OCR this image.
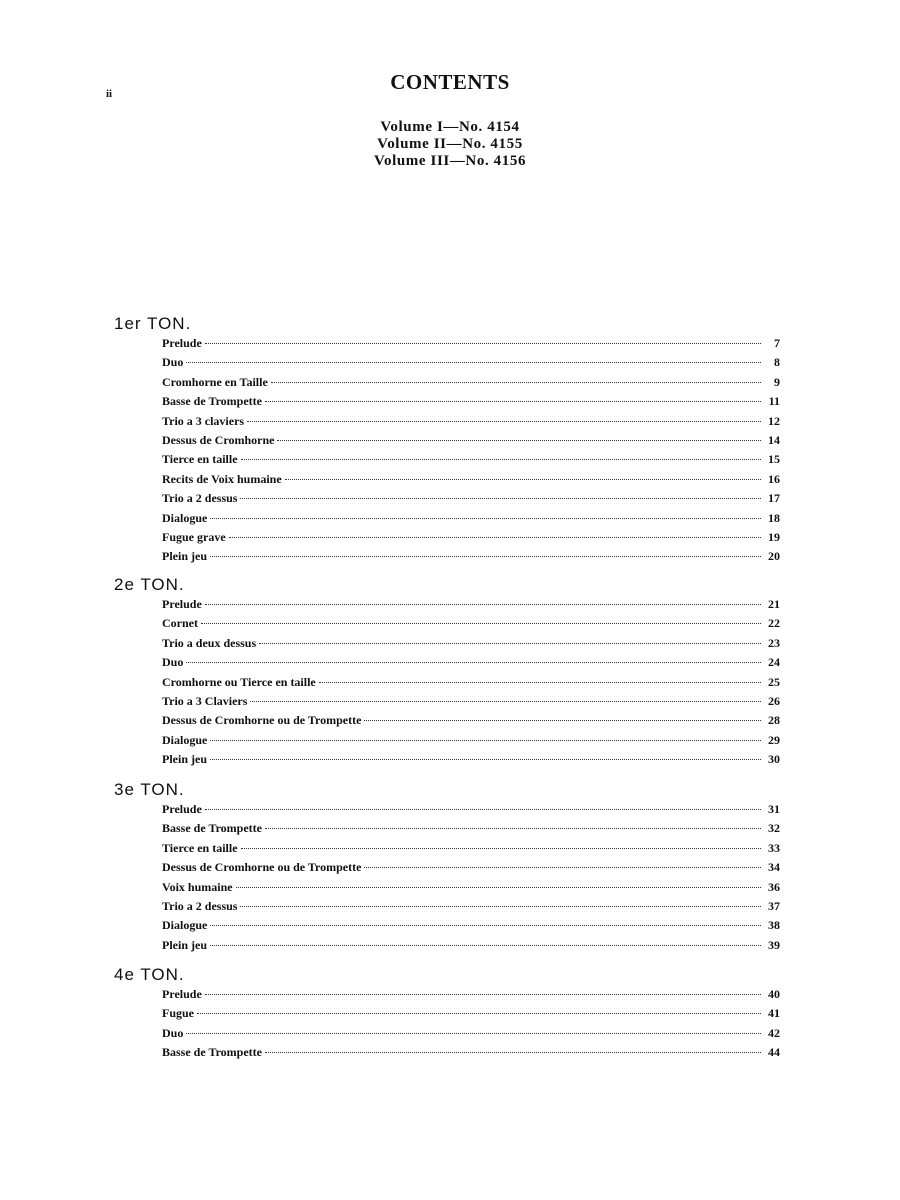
ii	CONTENTS
Volume I—No. 4154
Volume II—No. 4155
Volume III—No. 4156
1er TON.
Prelude	7
Duo	8
Cromhorne en Taille	9
Basse de Trompette	11
Trio a 3 claviers	12
Dessus de Cromhorne	14
Tierce en taille	15
Recits de Voix humaine	16
Trio a 2 dessus	17
Dialogue	18
Fugue grave	19
Plein jeu	20
2e TON.
Prelude	21
Cornet	22
Trio a deux dessus	23
Duo	24
Cromhorne ou Tierce en taille	25
Trio a 3 Claviers	26
Dessus de Cromhorne ou de Trompette	28
Dialogue	29
Plein jeu	30
3e TON.
Prelude	31
Basse de Trompette	32
Tierce en taille	33
Dessus de Cromhorne ou de Trompette	34
Voix humaine	36
Trio a 2 dessus	37
Dialogue	38
Plein jeu	39
4e TON.
Prelude	40
Fugue	41
Duo	42
Basse de Trompette	44
